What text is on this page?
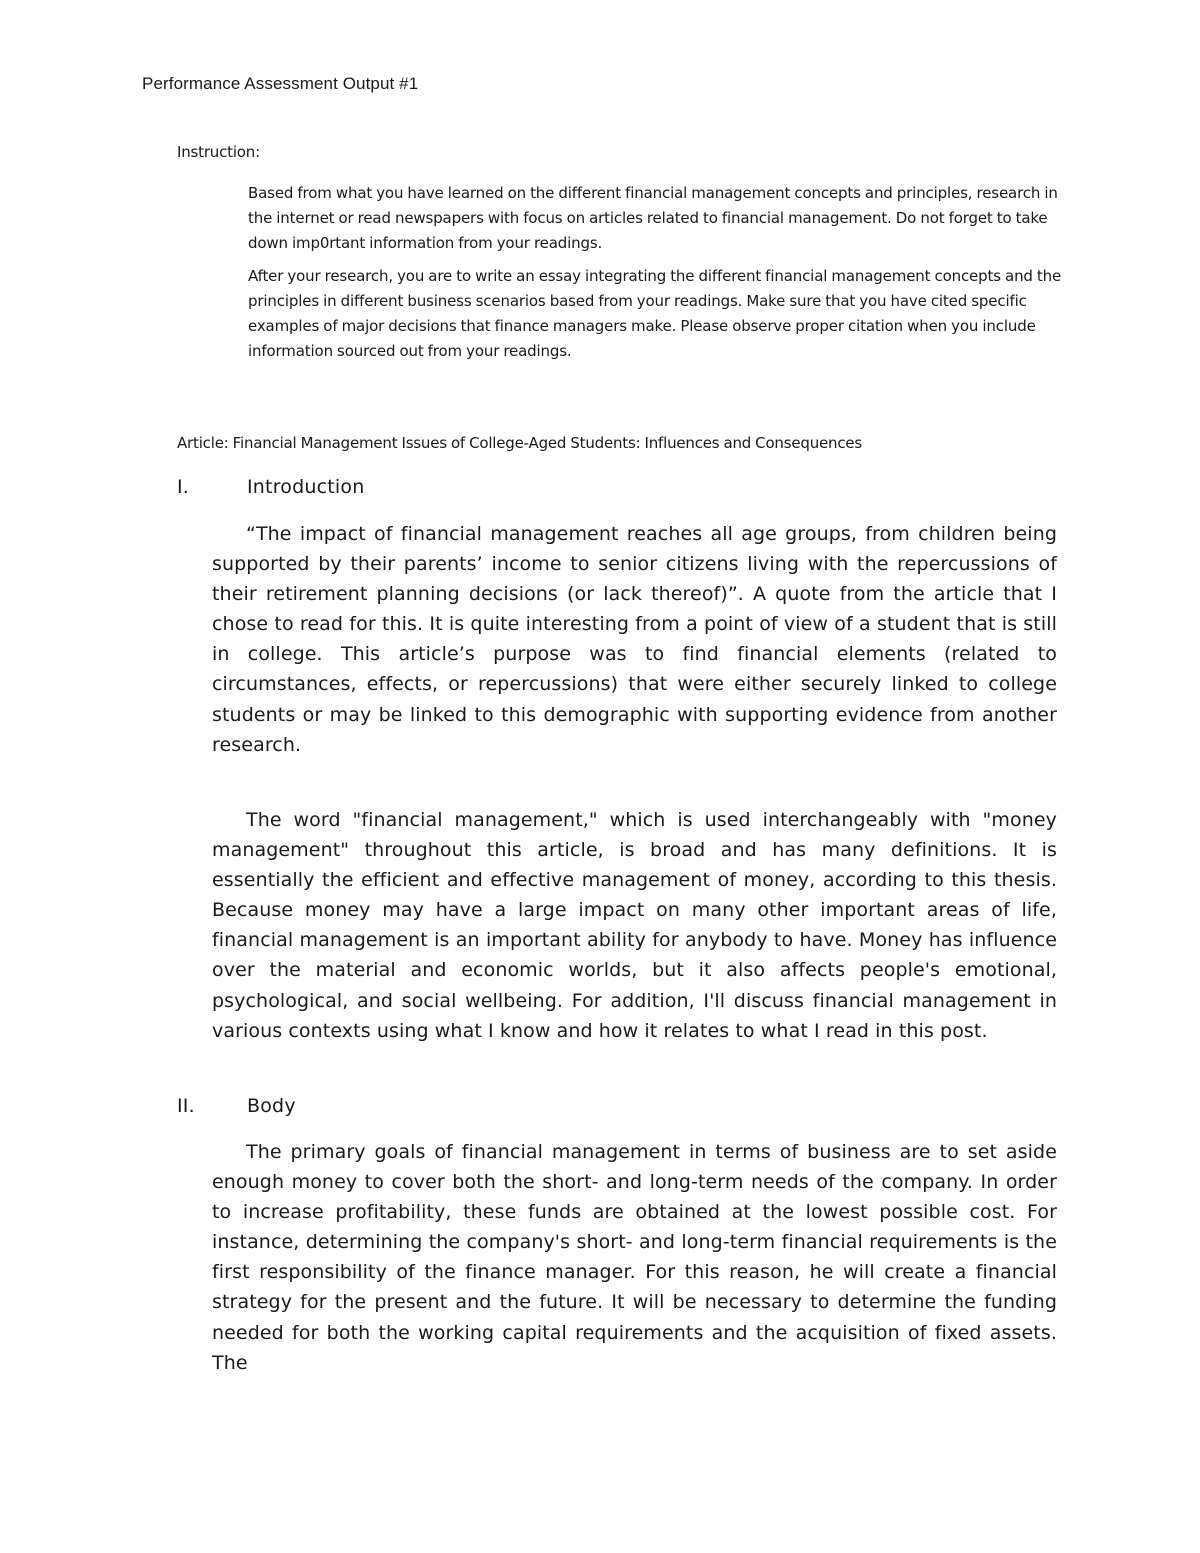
Performance Assessment Output #1
Instruction:

Based from what you have learned on the different financial management concepts and principles, research in the internet or read newspapers with focus on articles related to financial management. Do not forget to take down imp0rtant information from your readings.

After your research, you are to write an essay integrating the different financial management concepts and the principles in different business scenarios based from your readings. Make sure that you have cited specific examples of major decisions that finance managers make. Please observe proper citation when you include information sourced out from your readings.

Article: Financial Management Issues of College-Aged Students: Influences and Consequences
I.	Introduction
“The impact of financial management reaches all age groups, from children being supported by their parents’ income to senior citizens living with the repercussions of their retirement planning decisions (or lack thereof)”. A quote from the article that I chose to read for this. It is quite interesting from a point of view of a student that is still in college. This article’s purpose was to find financial elements (related to circumstances, effects, or repercussions) that were either securely linked to college students or may be linked to this demographic with supporting evidence from another research.
The word "financial management," which is used interchangeably with "money management" throughout this article, is broad and has many definitions. It is essentially the efficient and effective management of money, according to this thesis. Because money may have a large impact on many other important areas of life, financial management is an important ability for anybody to have. Money has influence over the material and economic worlds, but it also affects people's emotional, psychological, and social wellbeing. For addition, I'll discuss financial management in various contexts using what I know and how it relates to what I read in this post.
II.	Body
The primary goals of financial management in terms of business are to set aside enough money to cover both the short- and long-term needs of the company. In order to increase profitability, these funds are obtained at the lowest possible cost. For instance, determining the company's short- and long-term financial requirements is the first responsibility of the finance manager. For this reason, he will create a financial strategy for the present and the future. It will be necessary to determine the funding needed for both the working capital requirements and the acquisition of fixed assets. The
